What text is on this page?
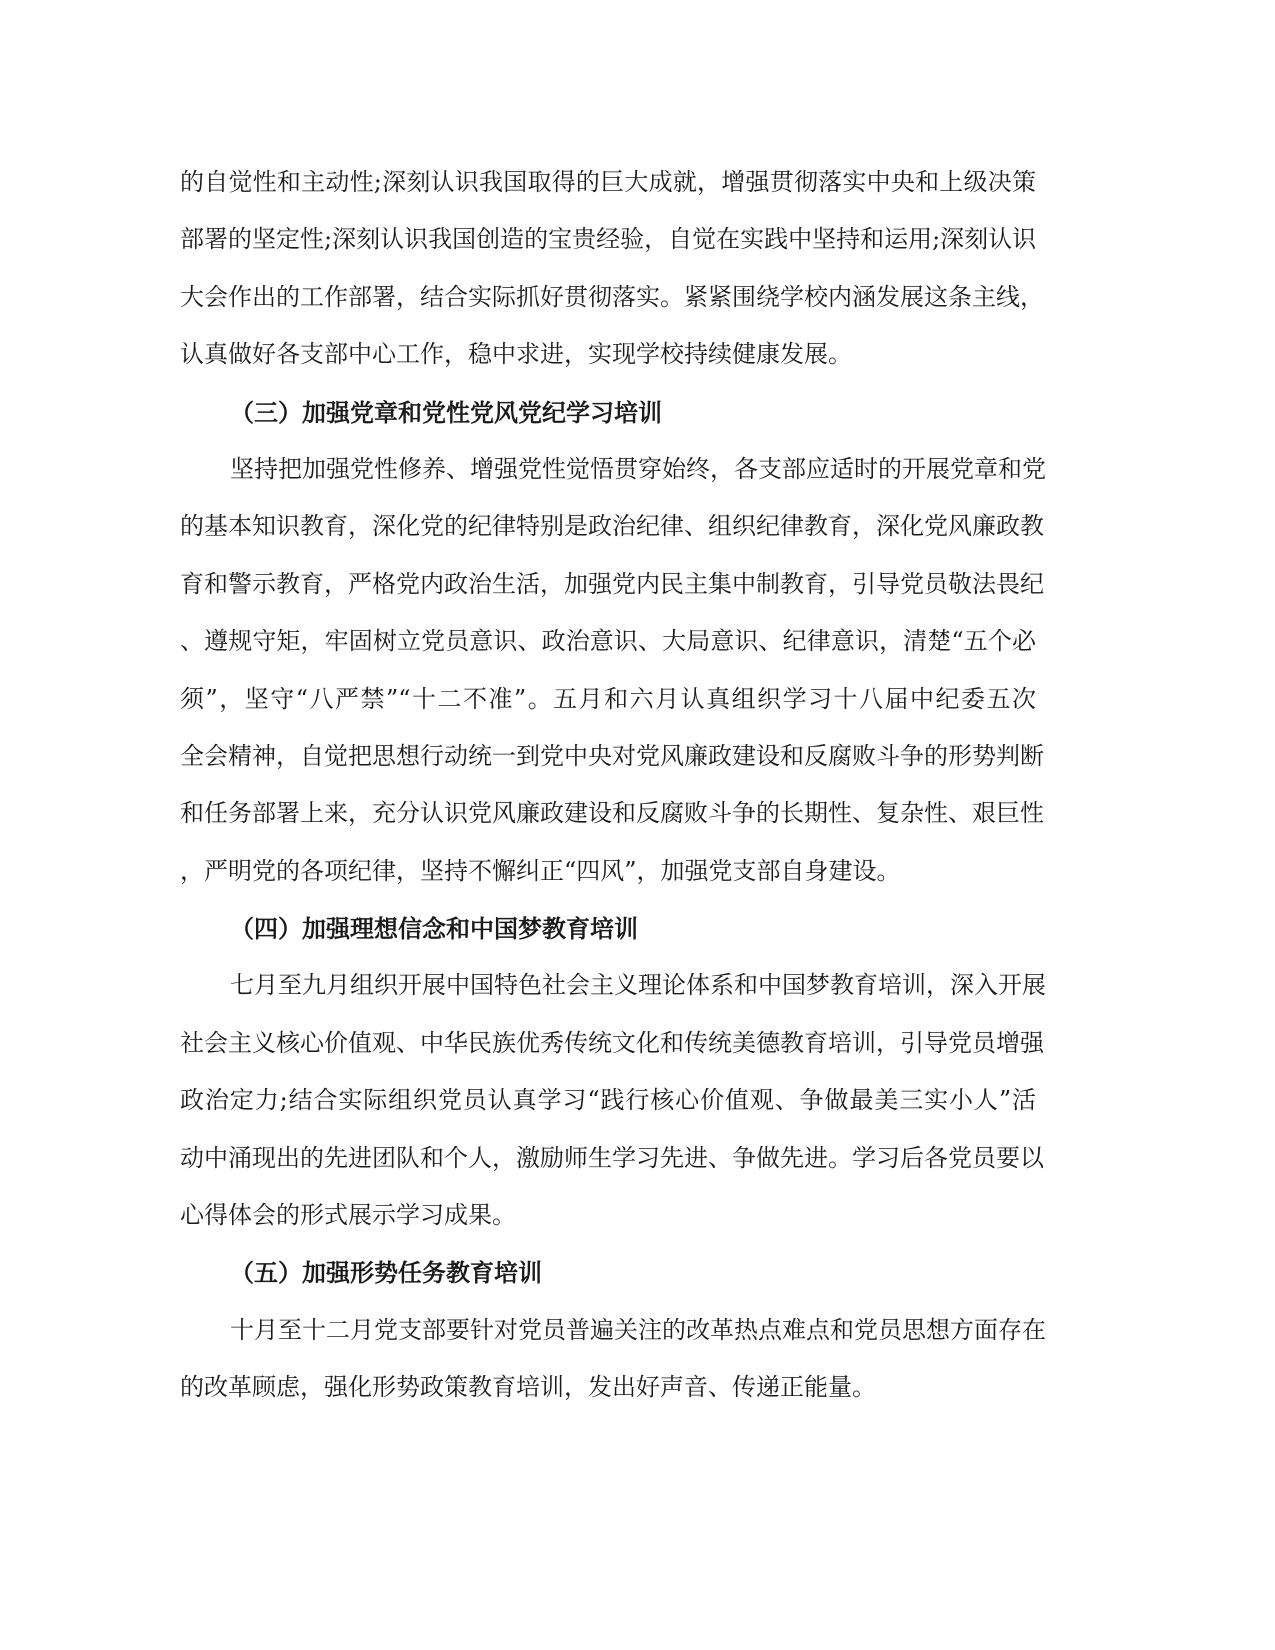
的自觉性和主动性;深刻认识我国取得的巨大成就，增强贯彻落实中央和上级决策
部署的坚定性;深刻认识我国创造的宝贵经验，自觉在实践中坚持和运用;深刻认识
大会作出的工作部署，结合实际抓好贯彻落实。紧紧围绕学校内涵发展这条主线，
认真做好各支部中心工作，稳中求进，实现学校持续健康发展。
（三）加强党章和党性党风党纪学习培训
坚持把加强党性修养、增强党性觉悟贯穿始终，各支部应适时的开展党章和党
的基本知识教育，深化党的纪律特别是政治纪律、组织纪律教育，深化党风廉政教
育和警示教育，严格党内政治生活，加强党内民主集中制教育，引导党员敬法畏纪
、遵规守矩，牢固树立党员意识、政治意识、大局意识、纪律意识，清楚“五个必
须”，坚守“八严禁”“十二不准”。五月和六月认真组织学习十八届中纪委五次
全会精神，自觉把思想行动统一到党中央对党风廉政建设和反腐败斗争的形势判断
和任务部署上来，充分认识党风廉政建设和反腐败斗争的长期性、复杂性、艰巨性
，严明党的各项纪律，坚持不懈纠正“四风”，加强党支部自身建设。
（四）加强理想信念和中国梦教育培训
七月至九月组织开展中国特色社会主义理论体系和中国梦教育培训，深入开展
社会主义核心价值观、中华民族优秀传统文化和传统美德教育培训，引导党员增强
政治定力;结合实际组织党员认真学习“践行核心价值观、争做最美三实小人”活
动中涌现出的先进团队和个人，激励师生学习先进、争做先进。学习后各党员要以
心得体会的形式展示学习成果。
（五）加强形势任务教育培训
十月至十二月党支部要针对党员普遍关注的改革热点难点和党员思想方面存在
的改革顾虑，强化形势政策教育培训，发出好声音、传递正能量。
